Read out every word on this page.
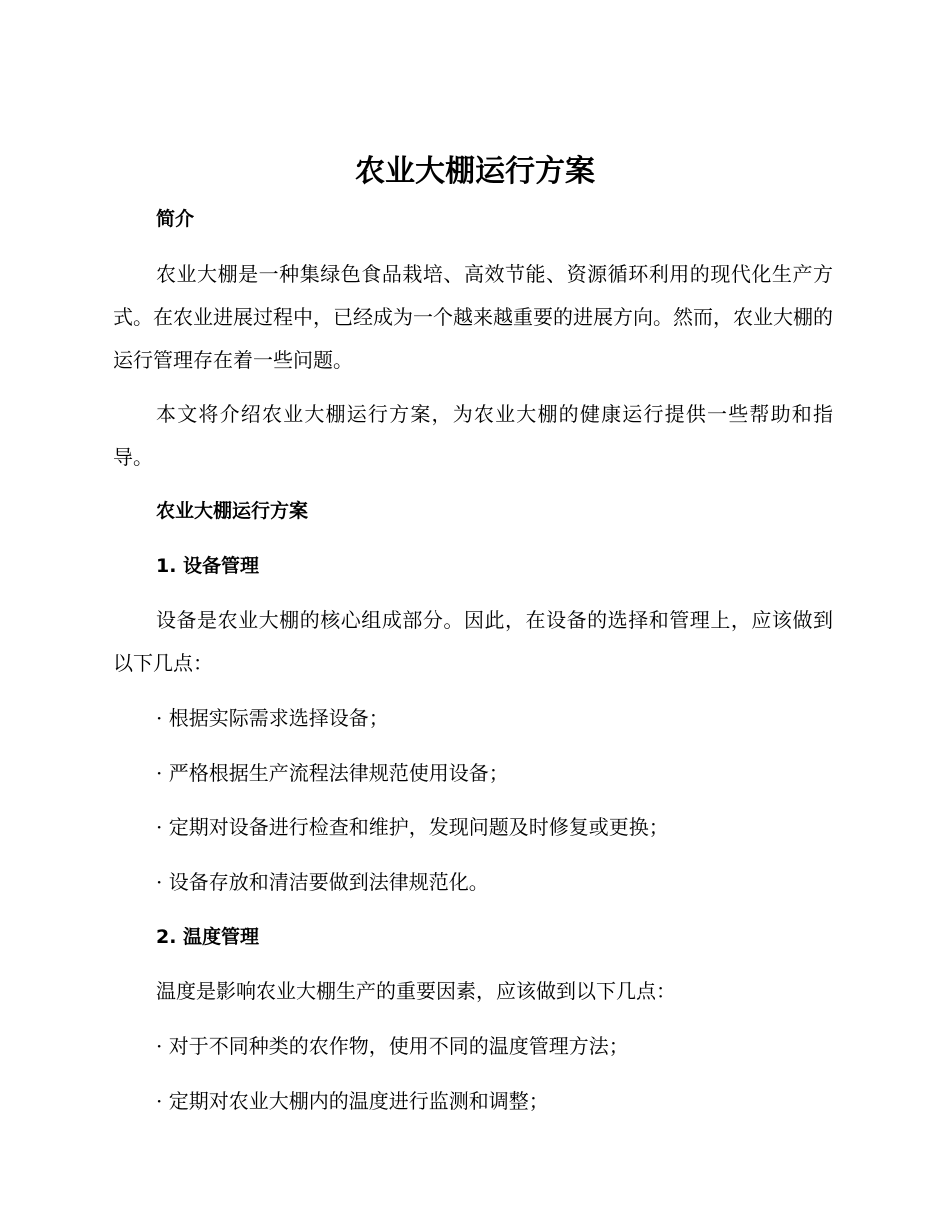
农业大棚运行方案
简介
农业大棚是一种集绿色食品栽培、高效节能、资源循环利用的现代化生产方式。在农业进展过程中，已经成为一个越来越重要的进展方向。然而，农业大棚的运行管理存在着一些问题。
本文将介绍农业大棚运行方案，为农业大棚的健康运行提供一些帮助和指导。
农业大棚运行方案
1. 设备管理
设备是农业大棚的核心组成部分。因此，在设备的选择和管理上，应该做到以下几点：
· 根据实际需求选择设备；
· 严格根据生产流程法律规范使用设备；
· 定期对设备进行检查和维护，发现问题及时修复或更换；
· 设备存放和清洁要做到法律规范化。
2. 温度管理
温度是影响农业大棚生产的重要因素，应该做到以下几点：
· 对于不同种类的农作物，使用不同的温度管理方法；
· 定期对农业大棚内的温度进行监测和调整；
